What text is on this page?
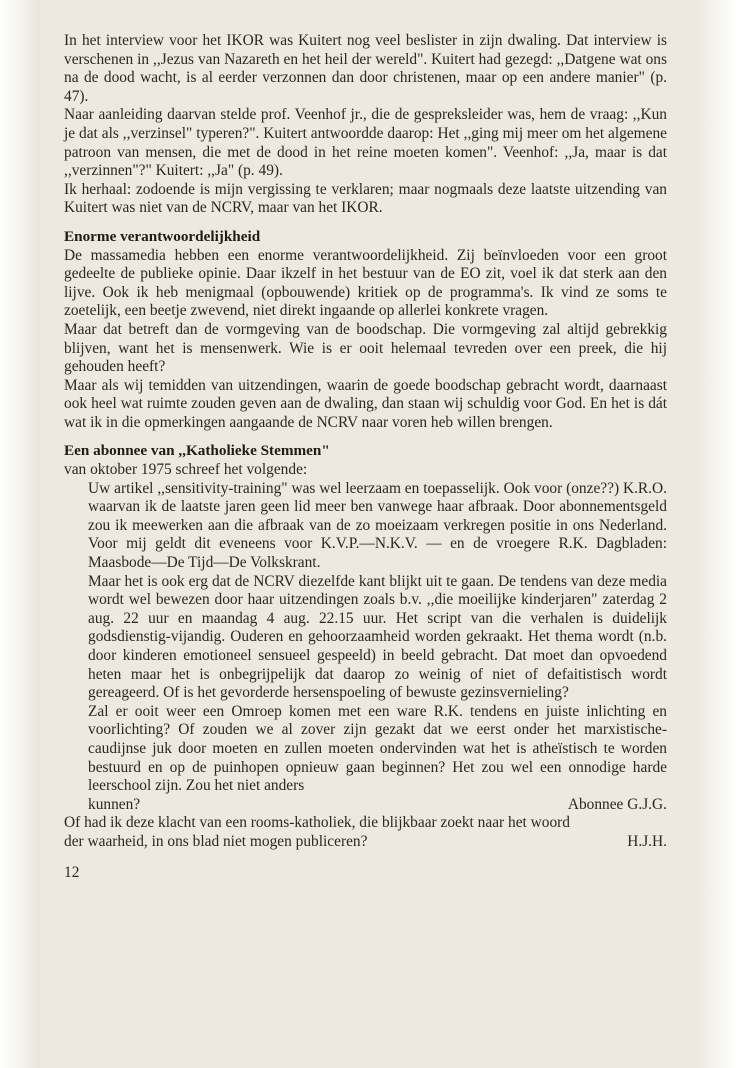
In het interview voor het IKOR was Kuitert nog veel beslister in zijn dwaling. Dat interview is verschenen in ,,Jezus van Nazareth en het heil der wereld". Kuitert had gezegd: ,,Datgene wat ons na de dood wacht, is al eerder verzonnen dan door christenen, maar op een andere manier" (p. 47).

Naar aanleiding daarvan stelde prof. Veenhof jr., die de gespreksleider was, hem de vraag: ,,Kun je dat als ,,verzinsel" typeren?". Kuitert antwoordde daarop: Het ,,ging mij meer om het algemene patroon van mensen, die met de dood in het reine moeten komen". Veenhof: ,,Ja, maar is dat ,,verzinnen"?" Kuitert: ,,Ja" (p. 49).

Ik herhaal: zodoende is mijn vergissing te verklaren; maar nogmaals deze laatste uitzending van Kuitert was niet van de NCRV, maar van het IKOR.

Enorme verantwoordelijkheid

De massamedia hebben een enorme verantwoordelijkheid. Zij beïnvloeden voor een groot gedeelte de publieke opinie. Daar ikzelf in het bestuur van de EO zit, voel ik dat sterk aan den lijve. Ook ik heb menigmaal (opbouwende) kritiek op de programma's. Ik vind ze soms te zoetelijk, een beetje zwevend, niet direkt ingaande op allerlei konkrete vragen.

Maar dat betreft dan de vormgeving van de boodschap. Die vormgeving zal altijd gebrekkig blijven, want het is mensenwerk. Wie is er ooit helemaal tevreden over een preek, die hij gehouden heeft?

Maar als wij temidden van uitzendingen, waarin de goede boodschap gebracht wordt, daarnaast ook heel wat ruimte zouden geven aan de dwaling, dan staan wij schuldig voor God. En het is dát wat ik in die opmerkingen aangaande de NCRV naar voren heb willen brengen.

Een abonnee van ,,Katholieke Stemmen"

van oktober 1975 schreef het volgende:

Uw artikel ,,sensitivity-training" was wel leerzaam en toepasselijk. Ook voor (onze??) K.R.O. waarvan ik de laatste jaren geen lid meer ben vanwege haar afbraak. Door abonnementsgeld zou ik meewerken aan die afbraak van de zo moeizaam verkregen positie in ons Nederland. Voor mij geldt dit eveneens voor K.V.P.—N.K.V. — en de vroegere R.K. Dagbladen: Maasbode—De Tijd—De Volkskrant.

Maar het is ook erg dat de NCRV diezelfde kant blijkt uit te gaan. De tendens van deze media wordt wel bewezen door haar uitzendingen zoals b.v. ,,die moeilijke kinderjaren" zaterdag 2 aug. 22 uur en maandag 4 aug. 22.15 uur. Het script van die verhalen is duidelijk godsdienstig-vijandig. Ouderen en gehoorzaamheid worden gekraakt. Het thema wordt (n.b. door kinderen emotioneel sensueel gespeeld) in beeld gebracht. Dat moet dan opvoedend heten maar het is onbegrijpelijk dat daarop zo weinig of niet of defaitistisch wordt gereageerd. Of is het gevorderde hersenspoeling of bewuste gezinsvernieling?

Zal er ooit weer een Omroep komen met een ware R.K. tendens en juiste inlichting en voorlichting? Of zouden we al zover zijn gezakt dat we eerst onder het marxistische-caudijnse juk door moeten en zullen moeten ondervinden wat het is atheïstisch te worden bestuurd en op de puinhopen opnieuw gaan beginnen? Het zou wel een onnodige harde leerschool zijn. Zou het niet anders

kunnen?	Abonnee G.J.G.

Of had ik deze klacht van een rooms-katholiek, die blijkbaar zoekt naar het woord

der waarheid, in ons blad niet mogen publiceren?	H.J.H.
12
